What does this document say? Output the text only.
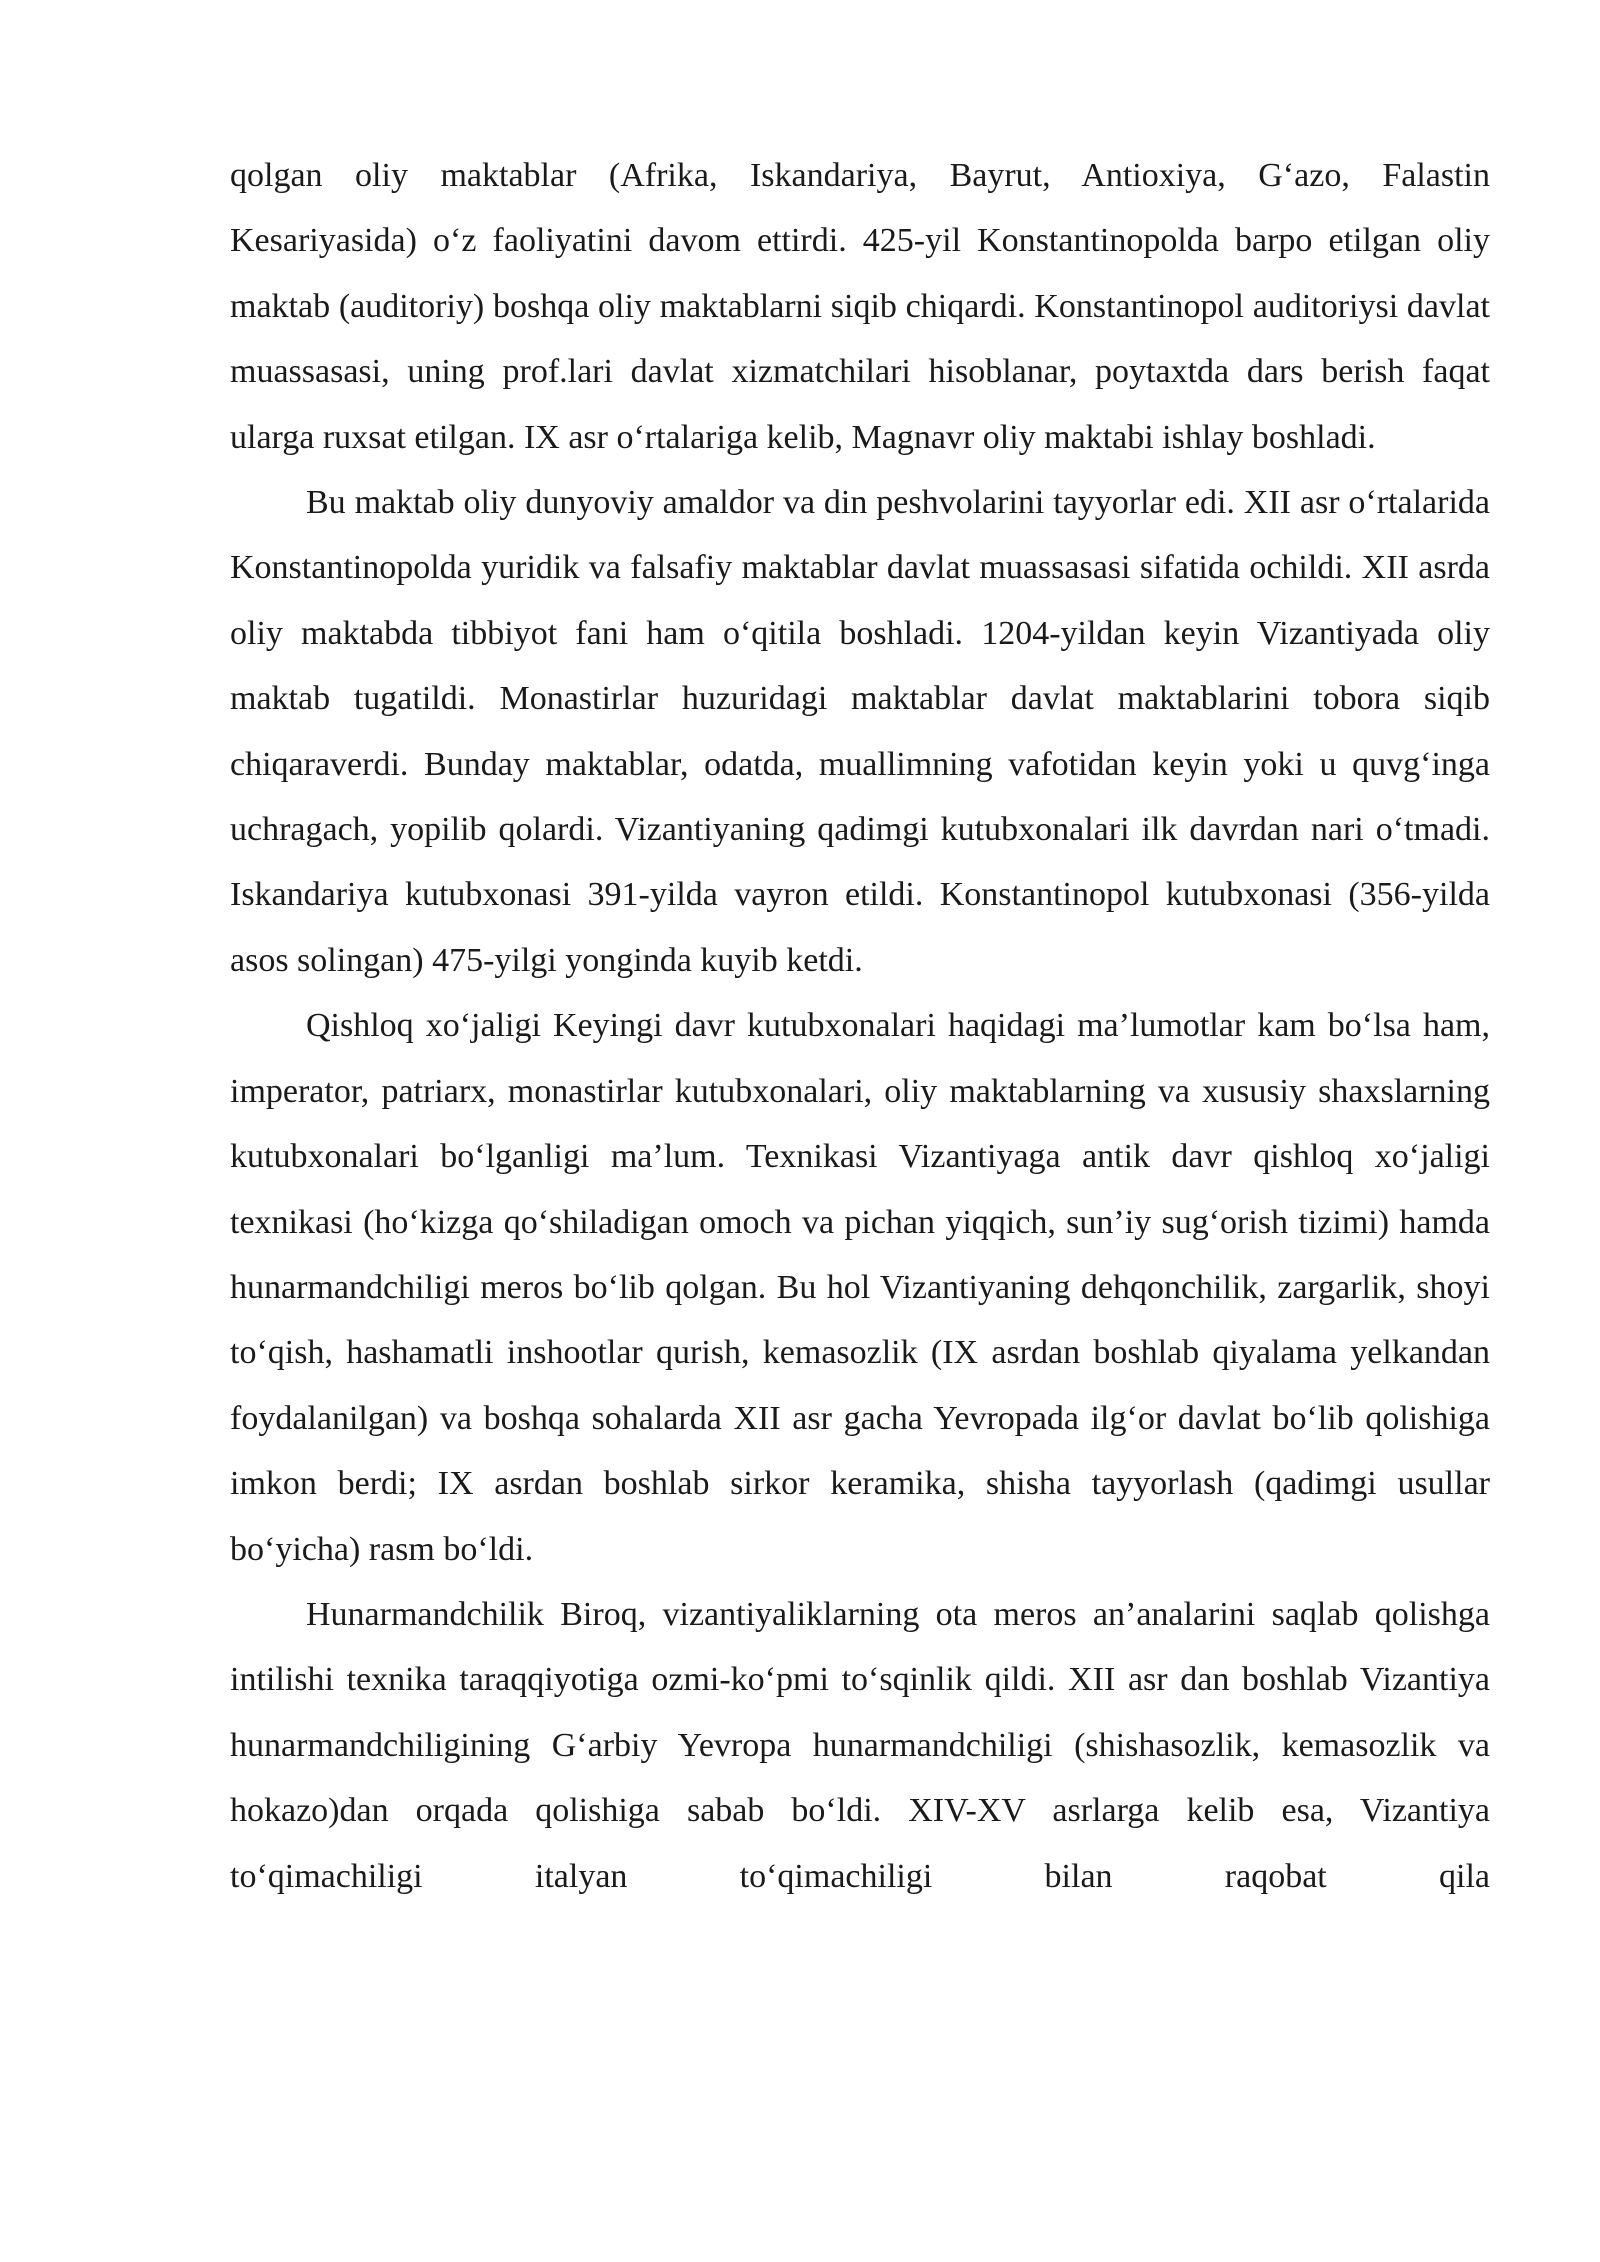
qolgan oliy maktablar (Afrika, Iskandariya, Bayrut, Antioxiya, G‘azo, Falastin Kesariyasida) o‘z faoliyatini davom ettirdi. 425-yil Konstantinopolda barpo etilgan oliy maktab (auditoriy) boshqa oliy maktablarni siqib chiqardi. Konstantinopol auditoriysi davlat muassasasi, uning prof.lari davlat xizmatchilari hisoblanar, poytaxtda dars berish faqat ularga ruxsat etilgan. IX asr o‘rtalariga kelib, Magnavr oliy maktabi ishlay boshladi.

Bu maktab oliy dunyoviy amaldor va din peshvolarini tayyorlar edi. XII asr o‘rtalarida Konstantinopolda yuridik va falsafiy maktablar davlat muassasasi sifatida ochildi. XII asrda oliy maktabda tibbiyot fani ham o‘qitila boshladi. 1204-yildan keyin Vizantiyada oliy maktab tugatildi. Monastirlar huzuridagi maktablar davlat maktablarini tobora siqib chiqaraverdi. Bunday maktablar, odatda, muallimning vafotidan keyin yoki u quvg‘inga uchragach, yopilib qolardi. Vizantiyaning qadimgi kutubxonalari ilk davrdan nari o‘tmadi. Iskandariya kutubxonasi 391-yilda vayron etildi. Konstantinopol kutubxonasi (356-yilda asos solingan) 475-yilgi yonginda kuyib ketdi.

Qishloq xo‘jaligi Keyingi davr kutubxonalari haqidagi ma’lumotlar kam bo‘lsa ham, imperator, patriarx, monastirlar kutubxonalari, oliy maktablarning va xususiy shaxslarning kutubxonalari bo‘lganligi ma’lum. Texnikasi Vizantiyaga antik davr qishloq xo‘jaligi texnikasi (ho‘kizga qo‘shiladigan omoch va pichan yiqqich, sun’iy sug‘orish tizimi) hamda hunarmandchiligi meros bo‘lib qolgan. Bu hol Vizantiyaning dehqonchilik, zargarlik, shoyi to‘qish, hashamatli inshootlar qurish, kemasozlik (IX asrdan boshlab qiyalama yelkandan foydalanilgan) va boshqa sohalarda XII asr gacha Yevropada ilg‘or davlat bo‘lib qolishiga imkon berdi; IX asrdan boshlab sirkor keramika, shisha tayyorlash (qadimgi usullar bo‘yicha) rasm bo‘ldi.

Hunarmandchilik Biroq, vizantiyaliklarning ota meros an’analarini saqlab qolishga intilishi texnika taraqqiyotiga ozmi-ko‘pmi to‘sqinlik qildi. XII asr dan boshlab Vizantiya hunarmandchiligining G‘arbiy Yevropa hunarmandchiligi (shishasozlik, kemasozlik va hokazo)dan orqada qolishiga sabab bo‘ldi. XIV-XV asrlarga kelib esa, Vizantiya to‘qimachiligi italyan to‘qimachiligi bilan raqobat qila
